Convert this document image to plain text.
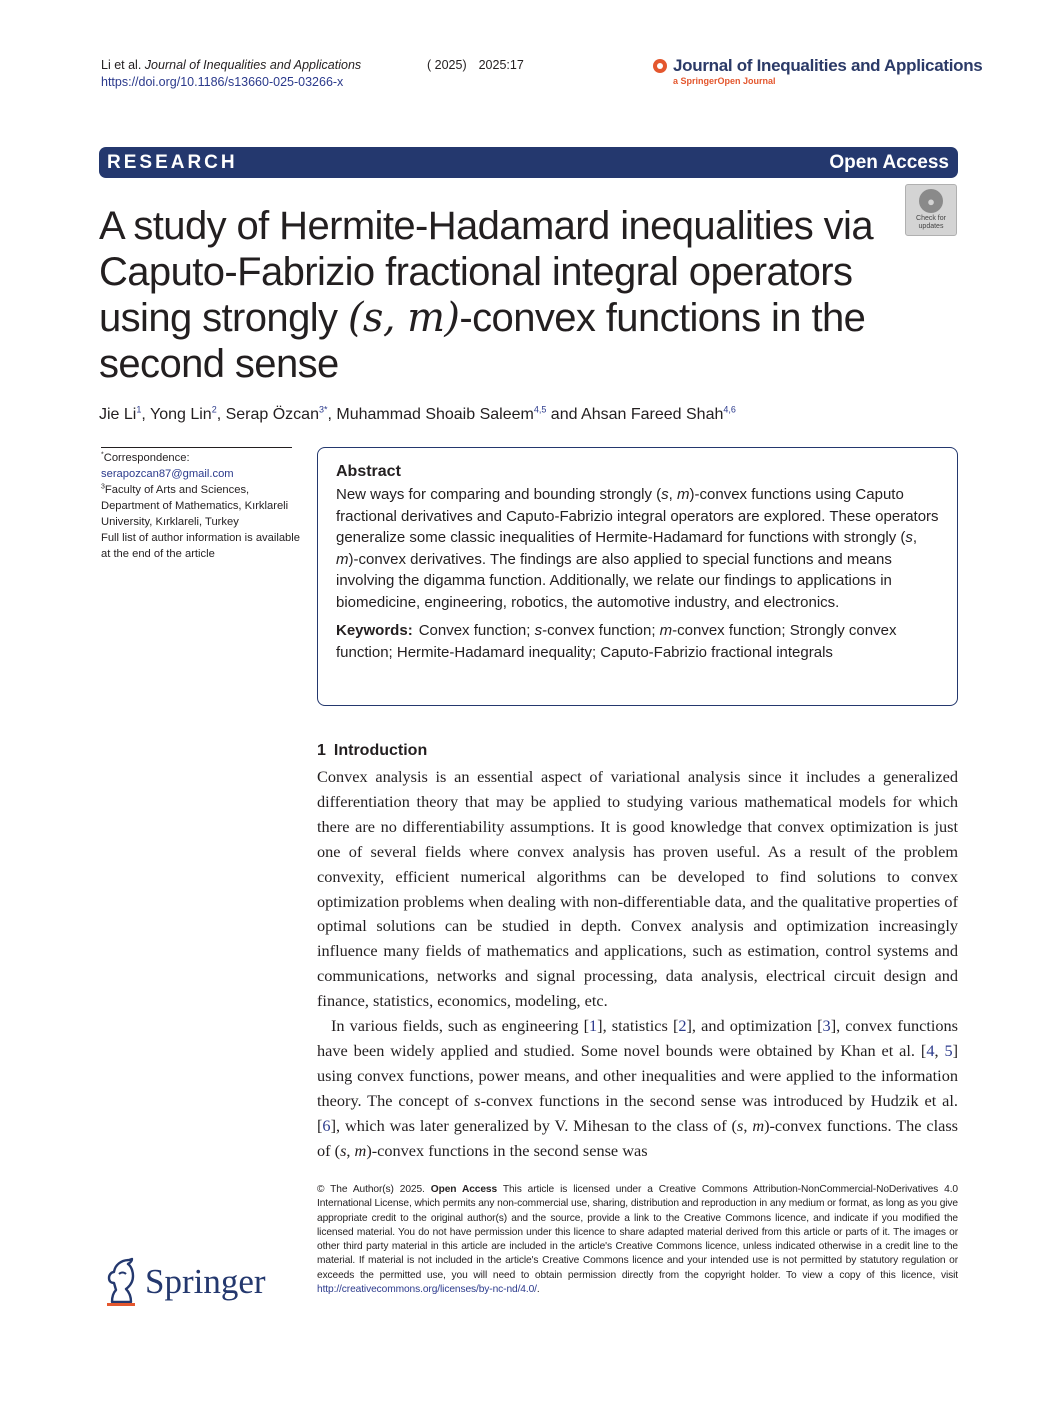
Li et al. Journal of Inequalities and Applications
https://doi.org/10.1186/s13660-025-03266-x
( 2025) 2025:17	Journal of Inequalities and Applications
a SpringerOpen Journal
RESEARCH	Open Access
A study of Hermite-Hadamard inequalities via Caputo-Fabrizio fractional integral operators using strongly (s, m)-convex functions in the second sense
●
Check for updates
Jie Li$^1$, Yong Lin$^2$, Serap Özcan$^{3*}$, Muhammad Shoaib Saleem$^{4,5}$ and Ahsan Fareed Shah$^{4,6}$
*Correspondence:
serapozcan87@gmail.com
$^3$Faculty of Arts and Sciences, Department of Mathematics, Kırklareli University, Kırklareli, Turkey
Full list of author information is available at the end of the article
Abstract
New ways for comparing and bounding strongly (s, m)-convex functions using Caputo fractional derivatives and Caputo-Fabrizio integral operators are explored. These operators generalize some classic inequalities of Hermite-Hadamard for functions with strongly (s, m)-convex derivatives. The findings are also applied to special functions and means involving the digamma function. Additionally, we relate our findings to applications in biomedicine, engineering, robotics, the automotive industry, and electronics.
Keywords: Convex function; s-convex function; m-convex function; Strongly convex function; Hermite-Hadamard inequality; Caputo-Fabrizio fractional integrals
1 Introduction

Convex analysis is an essential aspect of variational analysis since it includes a generalized differentiation theory that may be applied to studying various mathematical models for which there are no differentiability assumptions. It is good knowledge that convex optimization is just one of several fields where convex analysis has proven useful. As a result of the problem convexity, efficient numerical algorithms can be developed to find solutions to convex optimization problems when dealing with non-differentiable data, and the qualitative properties of optimal solutions can be studied in depth. Convex analysis and optimization increasingly influence many fields of mathematics and applications, such as estimation, control systems and communications, networks and signal processing, data analysis, electrical circuit design and finance, statistics, economics, modeling, etc.

In various fields, such as engineering [1], statistics [2], and optimization [3], convex functions have been widely applied and studied. Some novel bounds were obtained by Khan et al. [4, 5] using convex functions, power means, and other inequalities and were applied to the information theory. The concept of s-convex functions in the second sense was introduced by Hudzik et al. [6], which was later generalized by V. Mihesan to the class of (s, m)-convex functions. The class of (s, m)-convex functions in the second sense was

© The Author(s) 2025. Open Access This article is licensed under a Creative Commons Attribution-NonCommercial-NoDerivatives 4.0 International License, which permits any non-commercial use, sharing, distribution and reproduction in any medium or format, as long as you give appropriate credit to the original author(s) and the source, provide a link to the Creative Commons licence, and indicate if you modified the licensed material. You do not have permission under this licence to share adapted material derived from this article or parts of it. The images or other third party material in this article are included in the article's Creative Commons licence, unless indicated otherwise in a credit line to the material. If material is not included in the article's Creative Commons licence and your intended use is not permitted by statutory regulation or exceeds the permitted use, you will need to obtain permission directly from the copyright holder. To view a copy of this licence, visit http://creativecommons.org/licenses/by-nc-nd/4.0/.
Springer
